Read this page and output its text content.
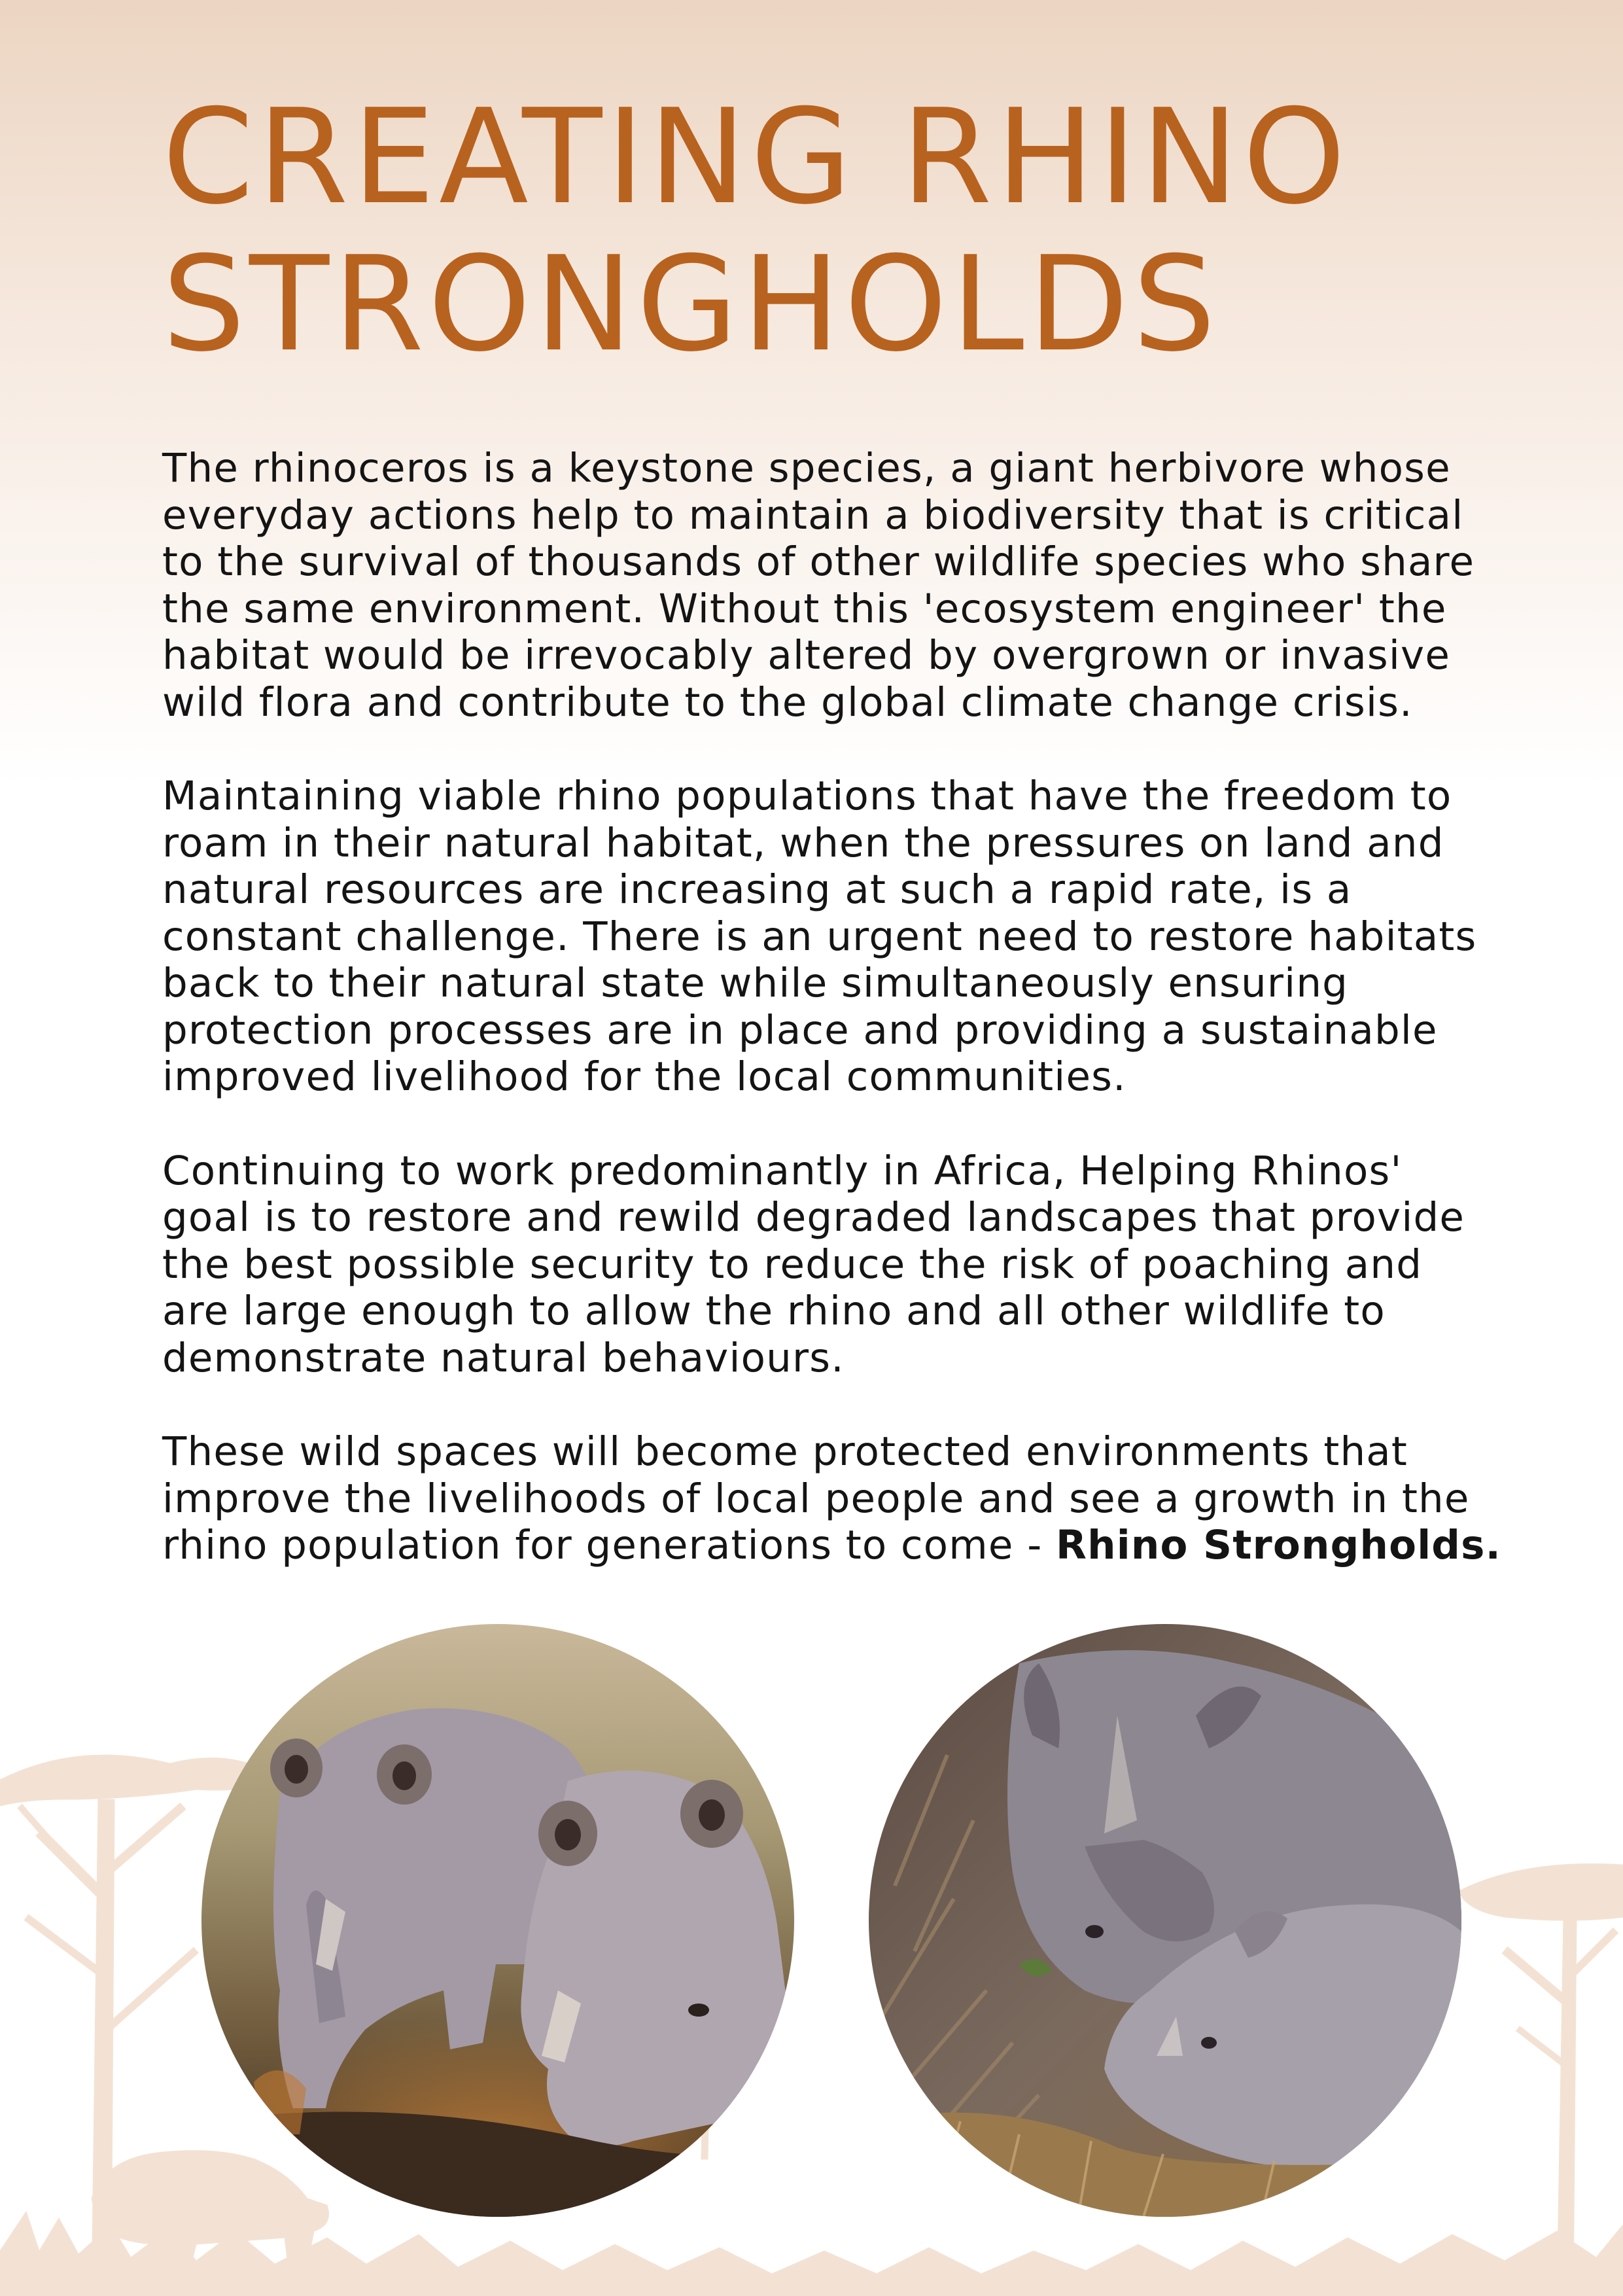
CREATING RHINO
STRONGHOLDS

The rhinoceros is a keystone species, a giant herbivore whose
everyday actions help to maintain a biodiversity that is critical
to the survival of thousands of other wildlife species who share
the same environment. Without this 'ecosystem engineer' the
habitat would be irrevocably altered by overgrown or invasive
wild flora and contribute to the global climate change crisis.

Maintaining viable rhino populations that have the freedom to
roam in their natural habitat, when the pressures on land and
natural resources are increasing at such a rapid rate, is a
constant challenge. There is an urgent need to restore habitats
back to their natural state while simultaneously ensuring
protection processes are in place and providing a sustainable
improved livelihood for the local communities.

Continuing to work predominantly in Africa, Helping Rhinos'
goal is to restore and rewild degraded landscapes that provide
the best possible security to reduce the risk of poaching and
are large enough to allow the rhino and all other wildlife to
demonstrate natural behaviours.

These wild spaces will become protected environments that
improve the livelihoods of local people and see a growth in the
rhino population for generations to come - Rhino Strongholds.
